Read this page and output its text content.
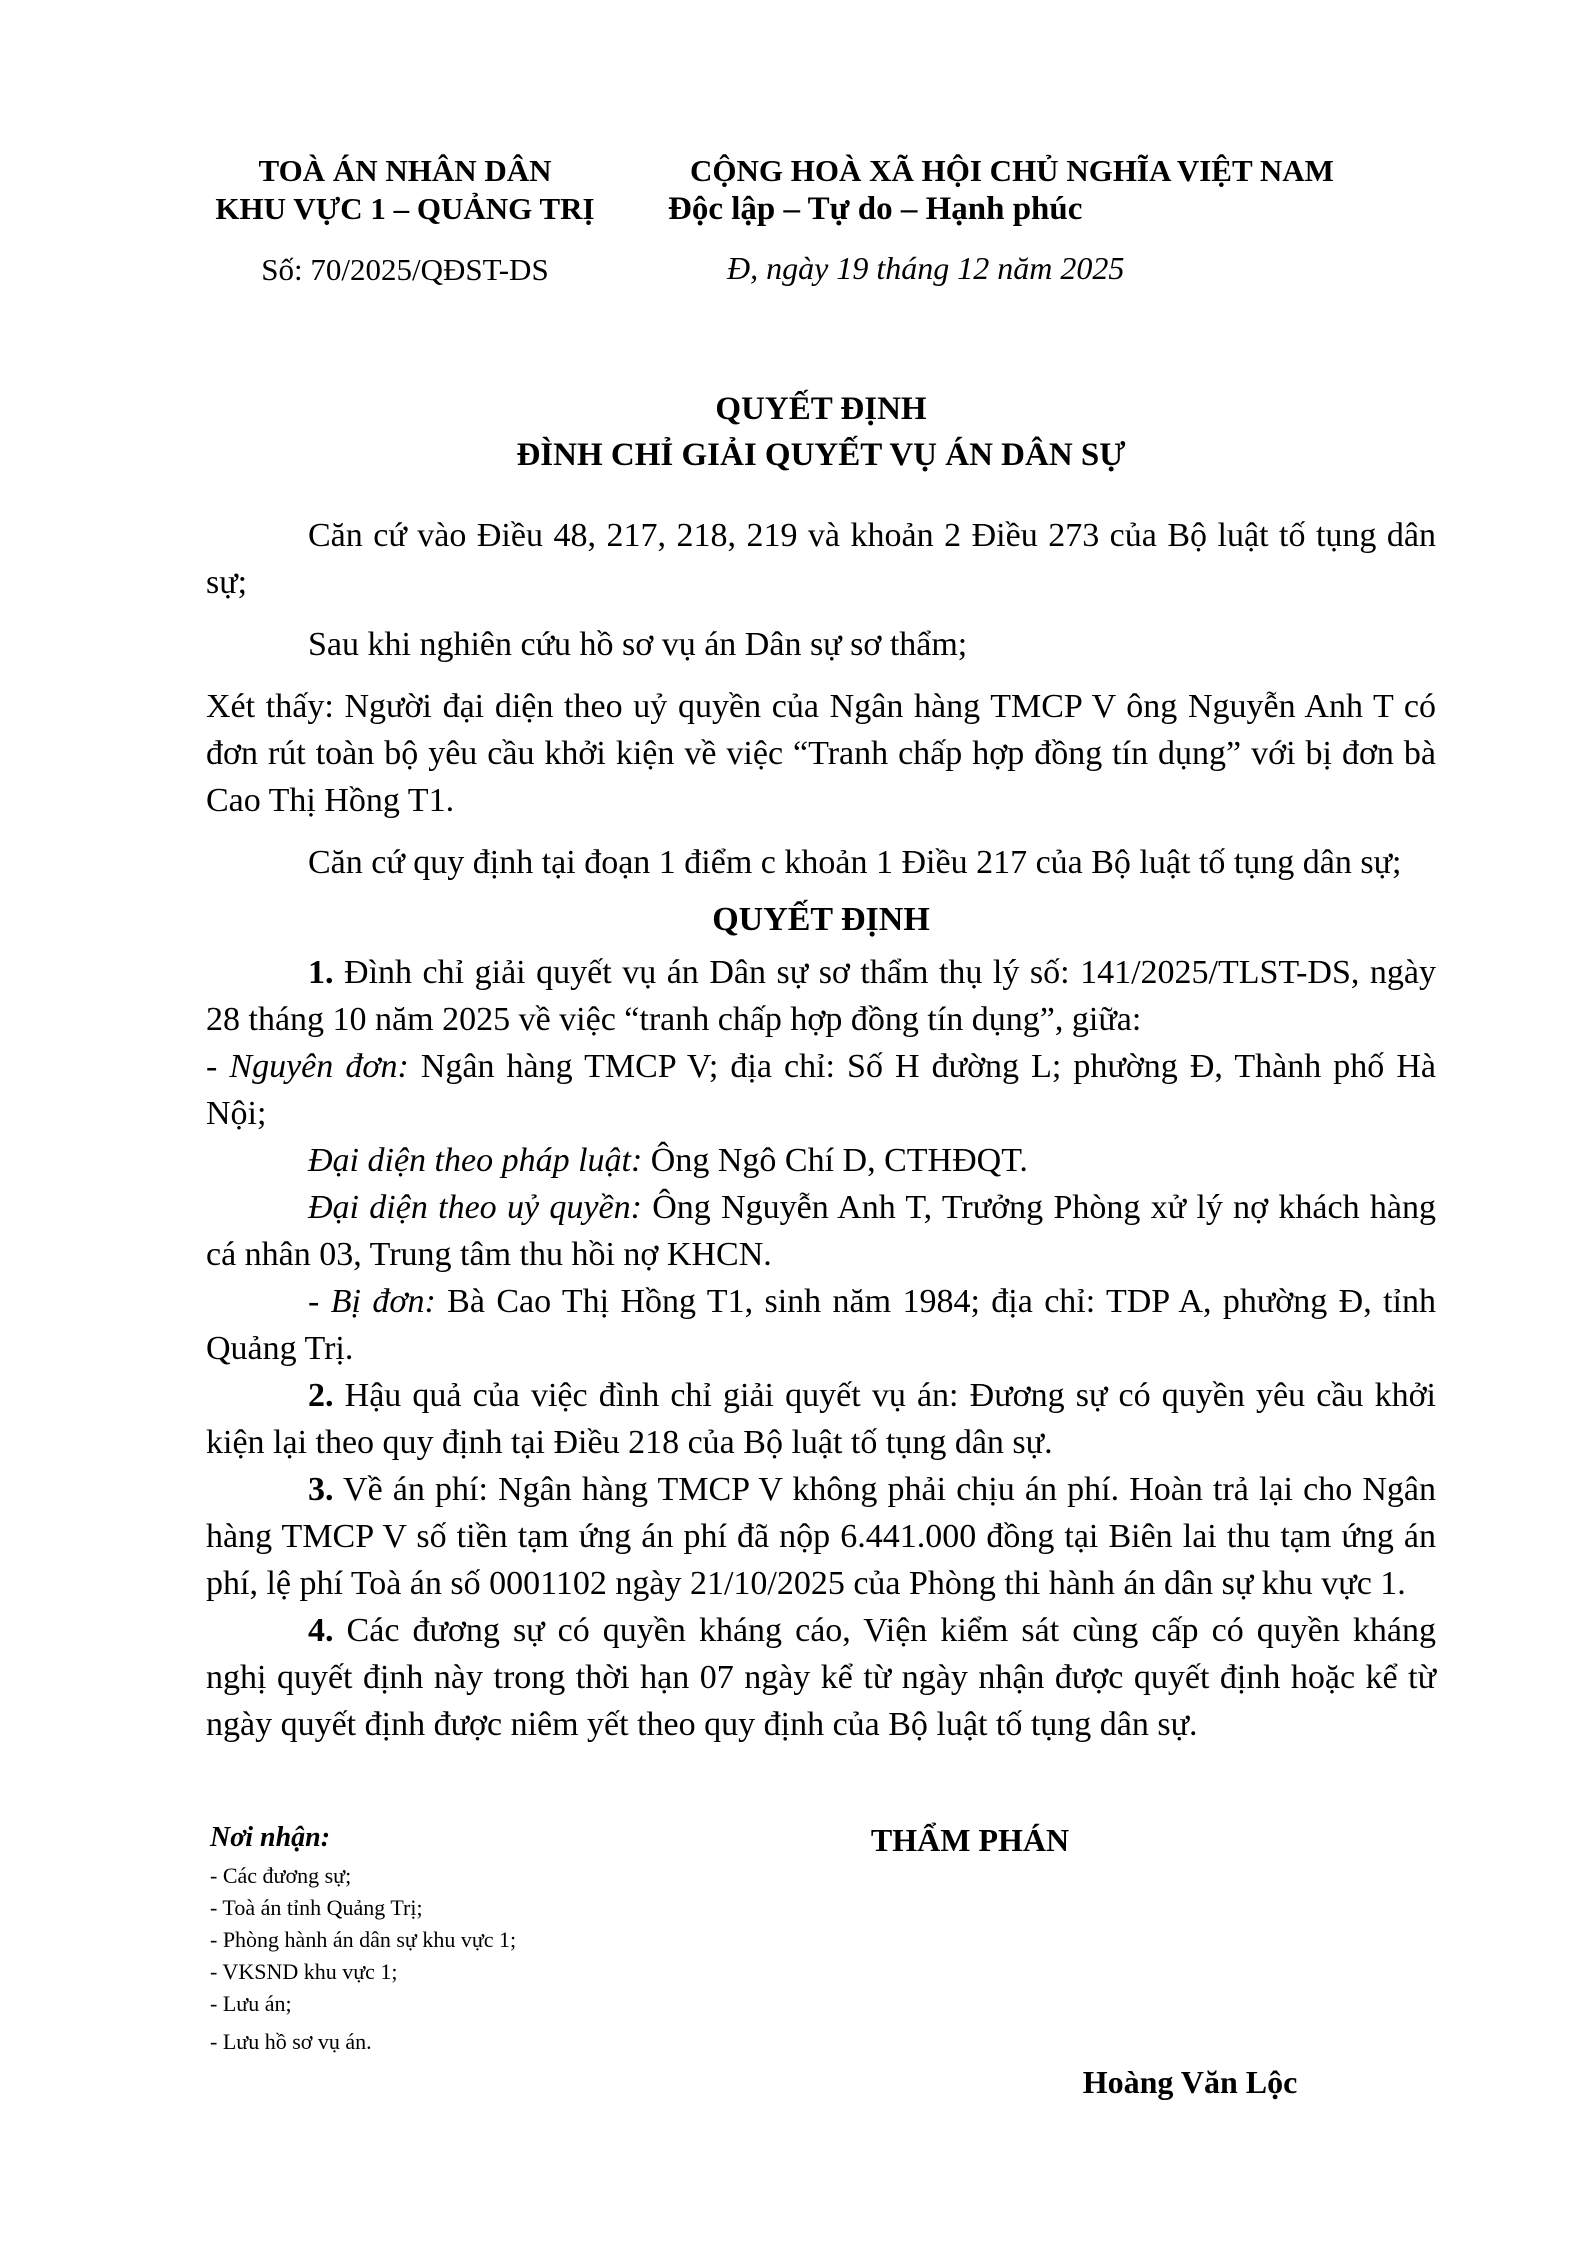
TOÀ ÁN NHÂN DÂN
KHU VỰC 1 – QUẢNG TRỊ
Số: 70/2025/QĐST-DS
CỘNG HOÀ XÃ HỘI CHỦ NGHĨA VIỆT NAM
Độc lập – Tự do – Hạnh phúc
Đ, ngày 19 tháng 12 năm 2025
QUYẾT ĐỊNH
ĐÌNH CHỈ GIẢI QUYẾT VỤ ÁN DÂN SỰ

Căn cứ vào Điều 48, 217, 218, 219 và khoản 2 Điều 273 của Bộ luật tố tụng dân sự;

Sau khi nghiên cứu hồ sơ vụ án Dân sự sơ thẩm;

Xét thấy: Người đại diện theo uỷ quyền của Ngân hàng TMCP V ông Nguyễn Anh T có đơn rút toàn bộ yêu cầu khởi kiện về việc “Tranh chấp hợp đồng tín dụng” với bị đơn bà Cao Thị Hồng T1.

Căn cứ quy định tại đoạn 1 điểm c khoản 1 Điều 217 của Bộ luật tố tụng dân sự;

QUYẾT ĐỊNH

1. Đình chỉ giải quyết vụ án Dân sự sơ thẩm thụ lý số: 141/2025/TLST-DS, ngày 28 tháng 10 năm 2025 về việc “tranh chấp hợp đồng tín dụng”, giữa:

- Nguyên đơn: Ngân hàng TMCP V; địa chỉ: Số H đường L; phường Đ, Thành phố Hà Nội;

Đại diện theo pháp luật: Ông Ngô Chí D, CTHĐQT.

Đại diện theo uỷ quyền: Ông Nguyễn Anh T, Trưởng Phòng xử lý nợ khách hàng cá nhân 03, Trung tâm thu hồi nợ KHCN.

- Bị đơn: Bà Cao Thị Hồng T1, sinh năm 1984; địa chỉ: TDP A, phường Đ, tỉnh Quảng Trị.

2. Hậu quả của việc đình chỉ giải quyết vụ án: Đương sự có quyền yêu cầu khởi kiện lại theo quy định tại Điều 218 của Bộ luật tố tụng dân sự.

3. Về án phí: Ngân hàng TMCP V không phải chịu án phí. Hoàn trả lại cho Ngân hàng TMCP V số tiền tạm ứng án phí đã nộp 6.441.000 đồng tại Biên lai thu tạm ứng án phí, lệ phí Toà án số 0001102 ngày 21/10/2025 của Phòng thi hành án dân sự khu vực 1.

4. Các đương sự có quyền kháng cáo, Viện kiểm sát cùng cấp có quyền kháng nghị quyết định này trong thời hạn 07 ngày kể từ ngày nhận được quyết định hoặc kể từ ngày quyết định được niêm yết theo quy định của Bộ luật tố tụng dân sự.

Nơi nhận:
- Các đương sự;
- Toà án tỉnh Quảng Trị;
- Phòng hành án dân sự khu vực 1;
- VKSND khu vực 1;
- Lưu án;
- Lưu hồ sơ vụ án.
THẨM PHÁN
Hoàng Văn Lộc
